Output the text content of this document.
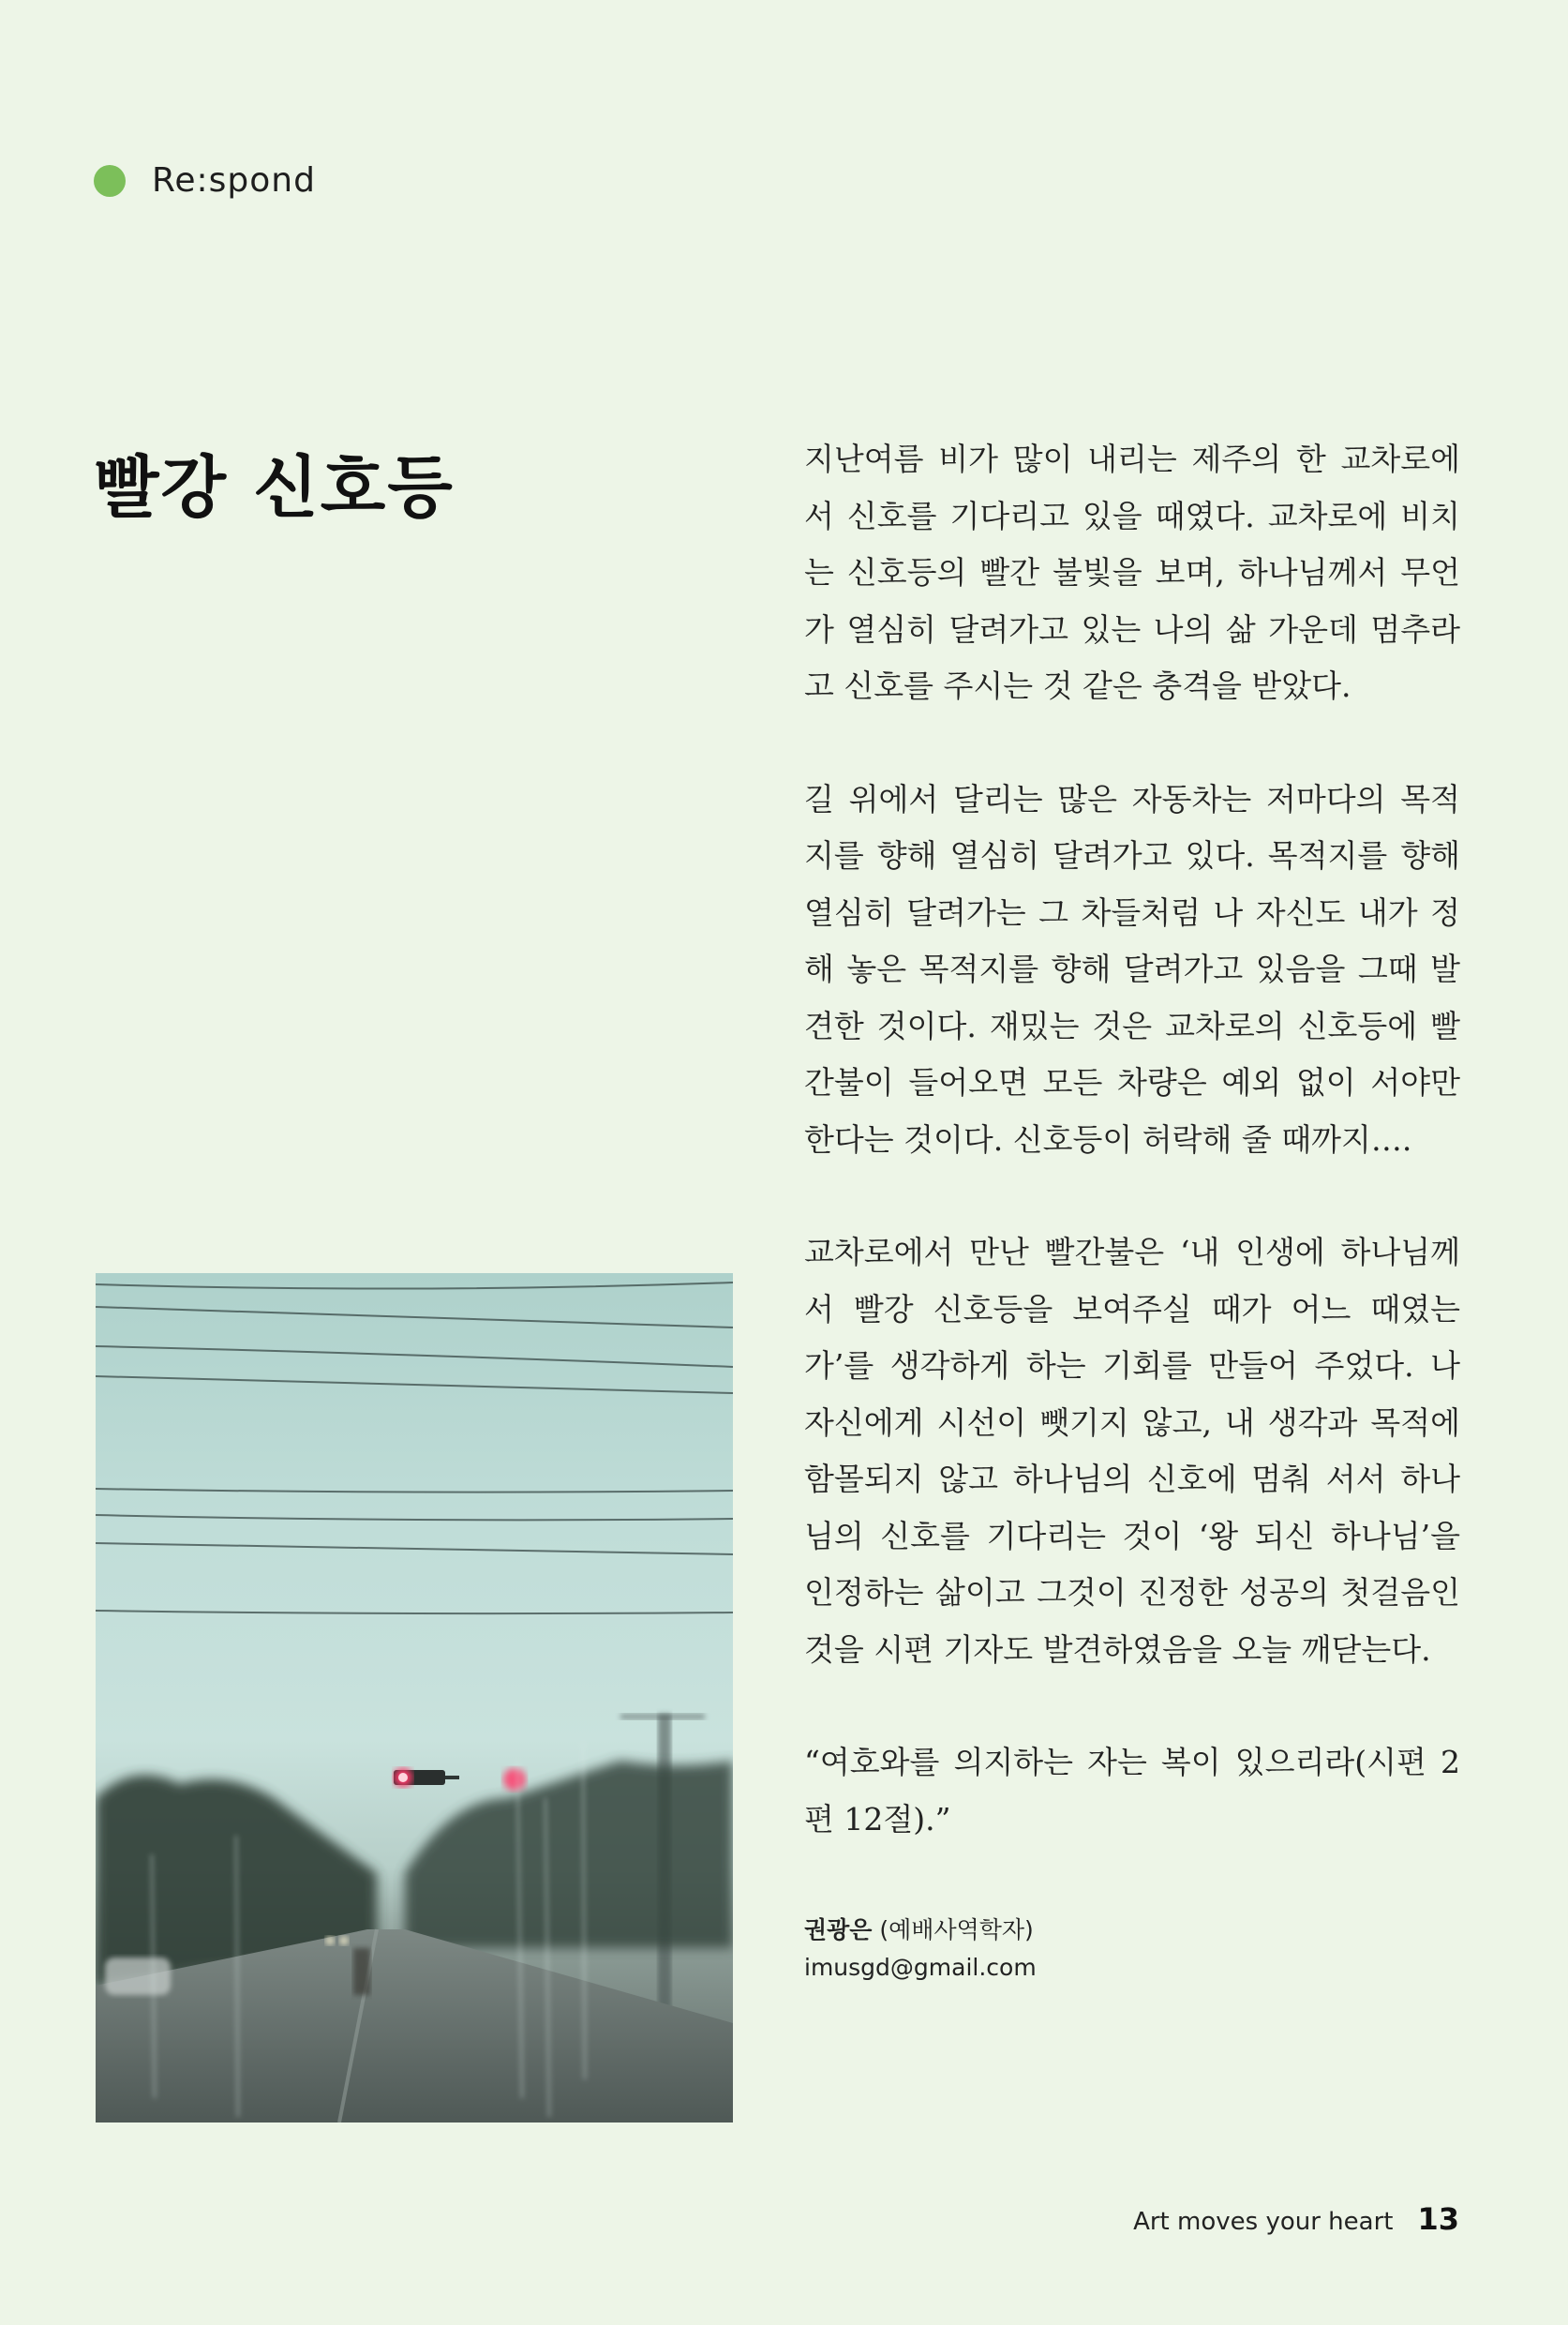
Re:spond
빨강 신호등	지난여름 비가 많이 내리는 제주의 한 교차로에서 신호를 기다리고 있을 때였다. 교차로에 비치는 신호등의 빨간 불빛을 보며, 하나님께서 무언가 열심히 달려가고 있는 나의 삶 가운데 멈추라고 신호를 주시는 것 같은 충격을 받았다.

길 위에서 달리는 많은 자동차는 저마다의 목적지를 향해 열심히 달려가고 있다. 목적지를 향해 열심히 달려가는 그 차들처럼 나 자신도 내가 정해 놓은 목적지를 향해 달려가고 있음을 그때 발견한 것이다. 재밌는 것은 교차로의 신호등에 빨간불이 들어오면 모든 차량은 예외 없이 서야만 한다는 것이다. 신호등이 허락해 줄 때까지….

교차로에서 만난 빨간불은 ‘내 인생에 하나님께서 빨강 신호등을 보여주실 때가 어느 때였는가’를 생각하게 하는 기회를 만들어 주었다. 나 자신에게 시선이 뺏기지 않고, 내 생각과 목적에 함몰되지 않고 하나님의 신호에 멈춰 서서 하나님의 신호를 기다리는 것이 ‘왕 되신 하나님’을 인정하는 삶이고 그것이 진정한 성공의 첫걸음인 것을 시편 기자도 발견하였음을 오늘 깨닫는다.

“여호와를 의지하는 자는 복이 있으리라(시편 2편 12절).”

권광은 (예배사역학자)
imusgd@gmail.com
Art moves your heart 13
